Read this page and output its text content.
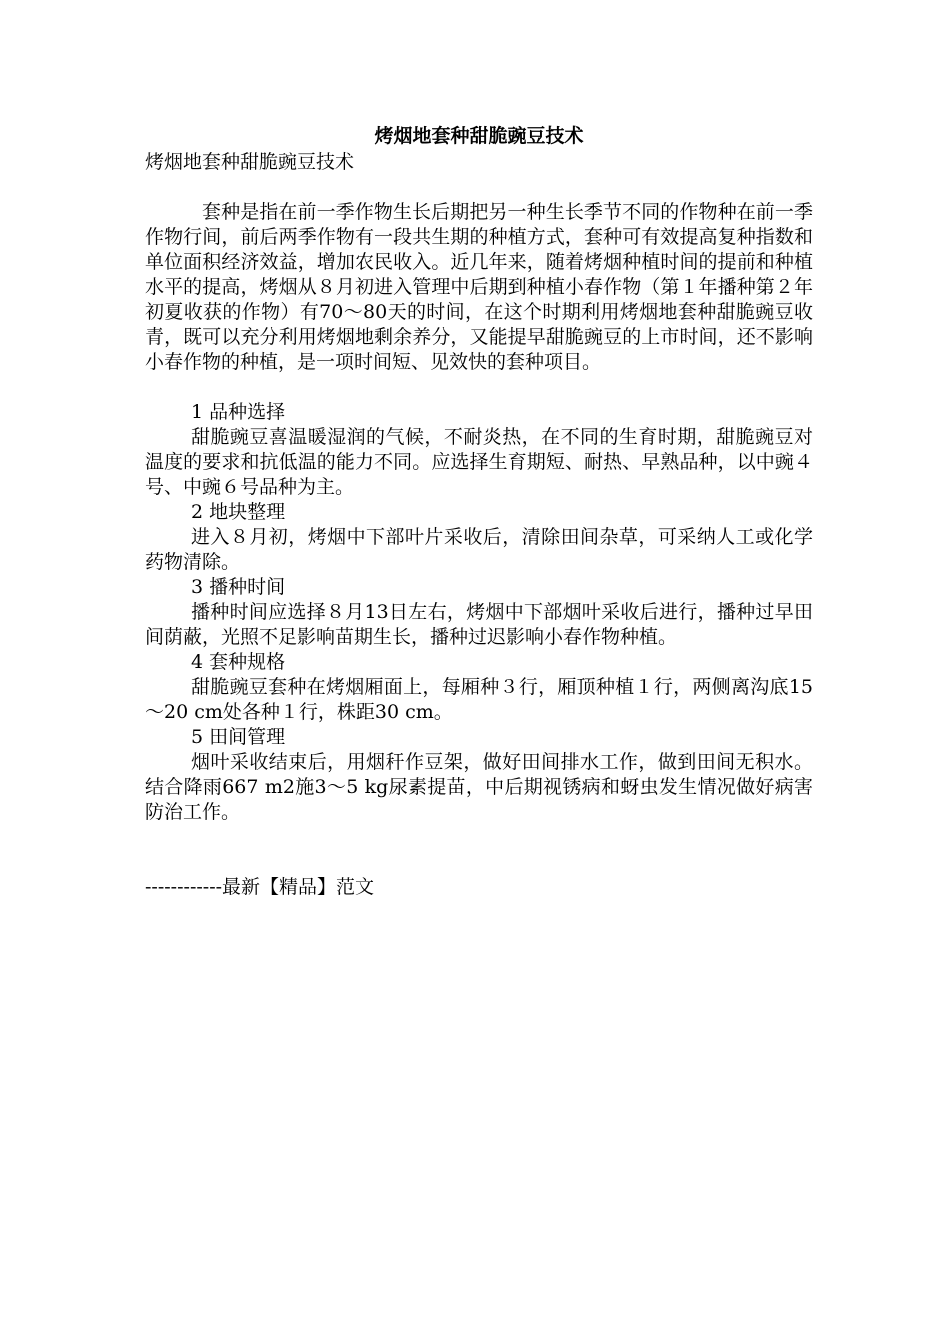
烤烟地套种甜脆豌豆技术

烤烟地套种甜脆豌豆技术

套种是指在前一季作物生长后期把另一种生长季节不同的作物种在前一季作物行间，前后两季作物有一段共生期的种植方式，套种可有效提高复种指数和单位面积经济效益，增加农民收入。近几年来，随着烤烟种植时间的提前和种植水平的提高，烤烟从８月初进入管理中后期到种植小春作物（第１年播种第２年初夏收获的作物）有70～80天的时间，在这个时期利用烤烟地套种甜脆豌豆收青，既可以充分利用烤烟地剩余养分，又能提早甜脆豌豆的上市时间，还不影响小春作物的种植，是一项时间短、见效快的套种项目。

1 品种选择

甜脆豌豆喜温暖湿润的气候，不耐炎热，在不同的生育时期，甜脆豌豆对温度的要求和抗低温的能力不同。应选择生育期短、耐热、早熟品种，以中豌４号、中豌６号品种为主。

2 地块整理

进入８月初，烤烟中下部叶片采收后，清除田间杂草，可采纳人工或化学药物清除。

3 播种时间

播种时间应选择８月13日左右，烤烟中下部烟叶采收后进行，播种过早田间荫蔽，光照不足影响苗期生长，播种过迟影响小春作物种植。

4 套种规格

甜脆豌豆套种在烤烟厢面上，每厢种３行，厢顶种植１行，两侧离沟底15～20 cm处各种１行，株距30 cm。

5 田间管理

烟叶采收结束后，用烟秆作豆架，做好田间排水工作，做到田间无积水。结合降雨667 m2施3～5 kg尿素提苗，中后期视锈病和蚜虫发生情况做好病害防治工作。

------------最新【精品】范文
